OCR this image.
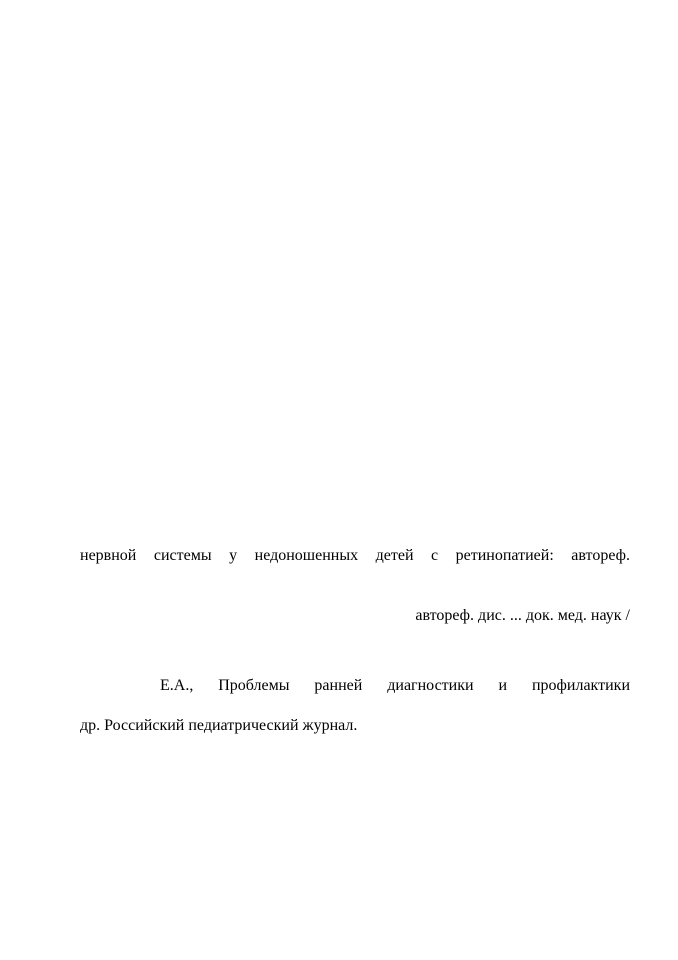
нервной системы у недоношенных детей с ретинопатией: автореф.
автореф. дис. ... док. мед. наук /
Е.А., Проблемы ранней диагностики и профилактики
др. Российский педиатрический журнал.
